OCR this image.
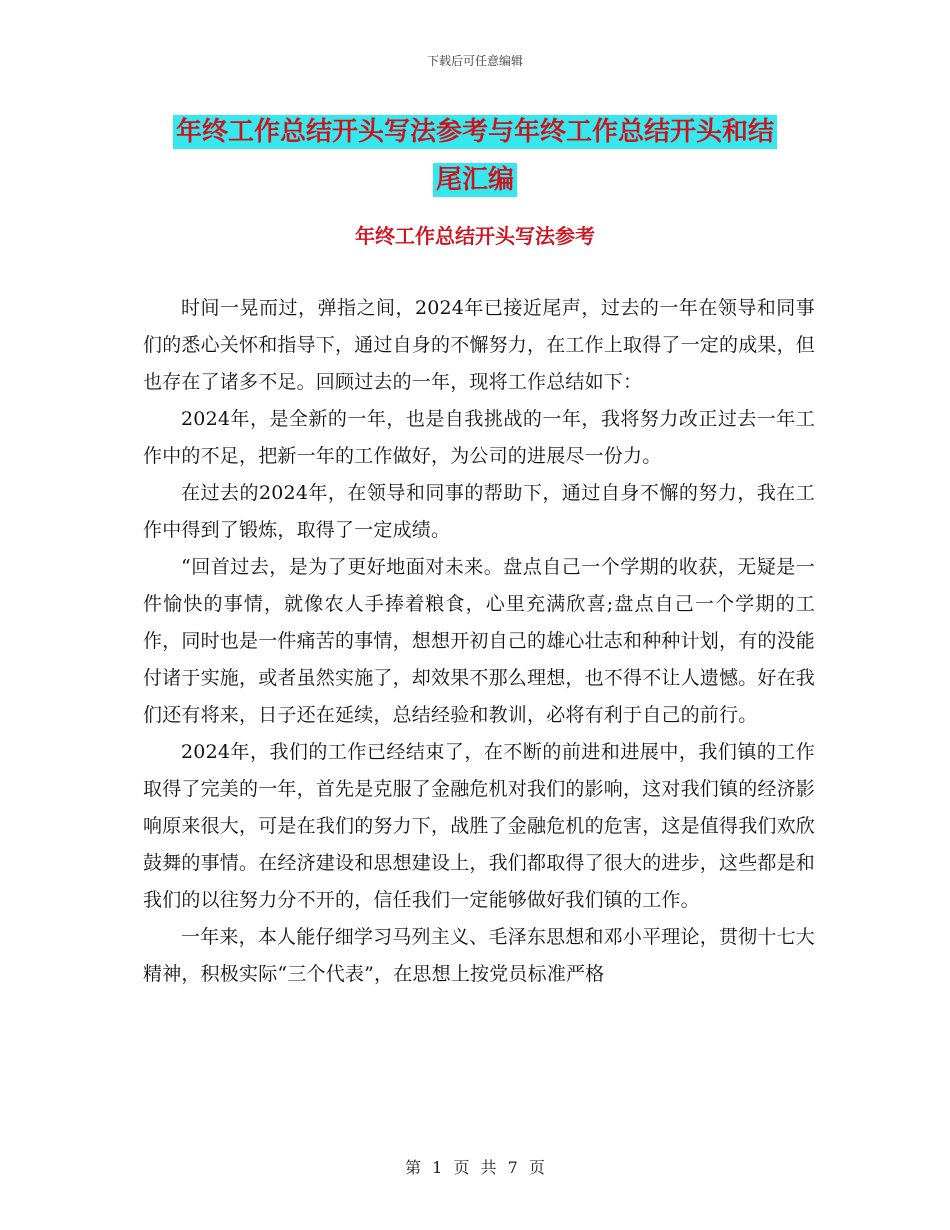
下载后可任意编辑
年终工作总结开头写法参考与年终工作总结开头和结
尾汇编
年终工作总结开头写法参考

时间一晃而过，弹指之间，2024年已接近尾声，过去的一年在领导和同事们的悉心关怀和指导下，通过自身的不懈努力，在工作上取得了一定的成果，但也存在了诸多不足。回顾过去的一年，现将工作总结如下：

2024年，是全新的一年，也是自我挑战的一年，我将努力改正过去一年工作中的不足，把新一年的工作做好，为公司的进展尽一份力。

在过去的2024年，在领导和同事的帮助下，通过自身不懈的努力，我在工作中得到了锻炼，取得了一定成绩。

“回首过去，是为了更好地面对未来。盘点自己一个学期的收获，无疑是一件愉快的事情，就像农人手捧着粮食，心里充满欣喜;盘点自己一个学期的工作，同时也是一件痛苦的事情，想想开初自己的雄心壮志和种种计划，有的没能付诸于实施，或者虽然实施了，却效果不那么理想，也不得不让人遗憾。好在我们还有将来，日子还在延续，总结经验和教训，必将有利于自己的前行。

2024年，我们的工作已经结束了，在不断的前进和进展中，我们镇的工作取得了完美的一年，首先是克服了金融危机对我们的影响，这对我们镇的经济影响原来很大，可是在我们的努力下，战胜了金融危机的危害，这是值得我们欢欣鼓舞的事情。在经济建设和思想建设上，我们都取得了很大的进步，这些都是和我们的以往努力分不开的，信任我们一定能够做好我们镇的工作。

一年来，本人能仔细学习马列主义、毛泽东思想和邓小平理论，贯彻十七大精神，积极实际“三个代表”，在思想上按党员标准严格

第 1 页 共 7 页
